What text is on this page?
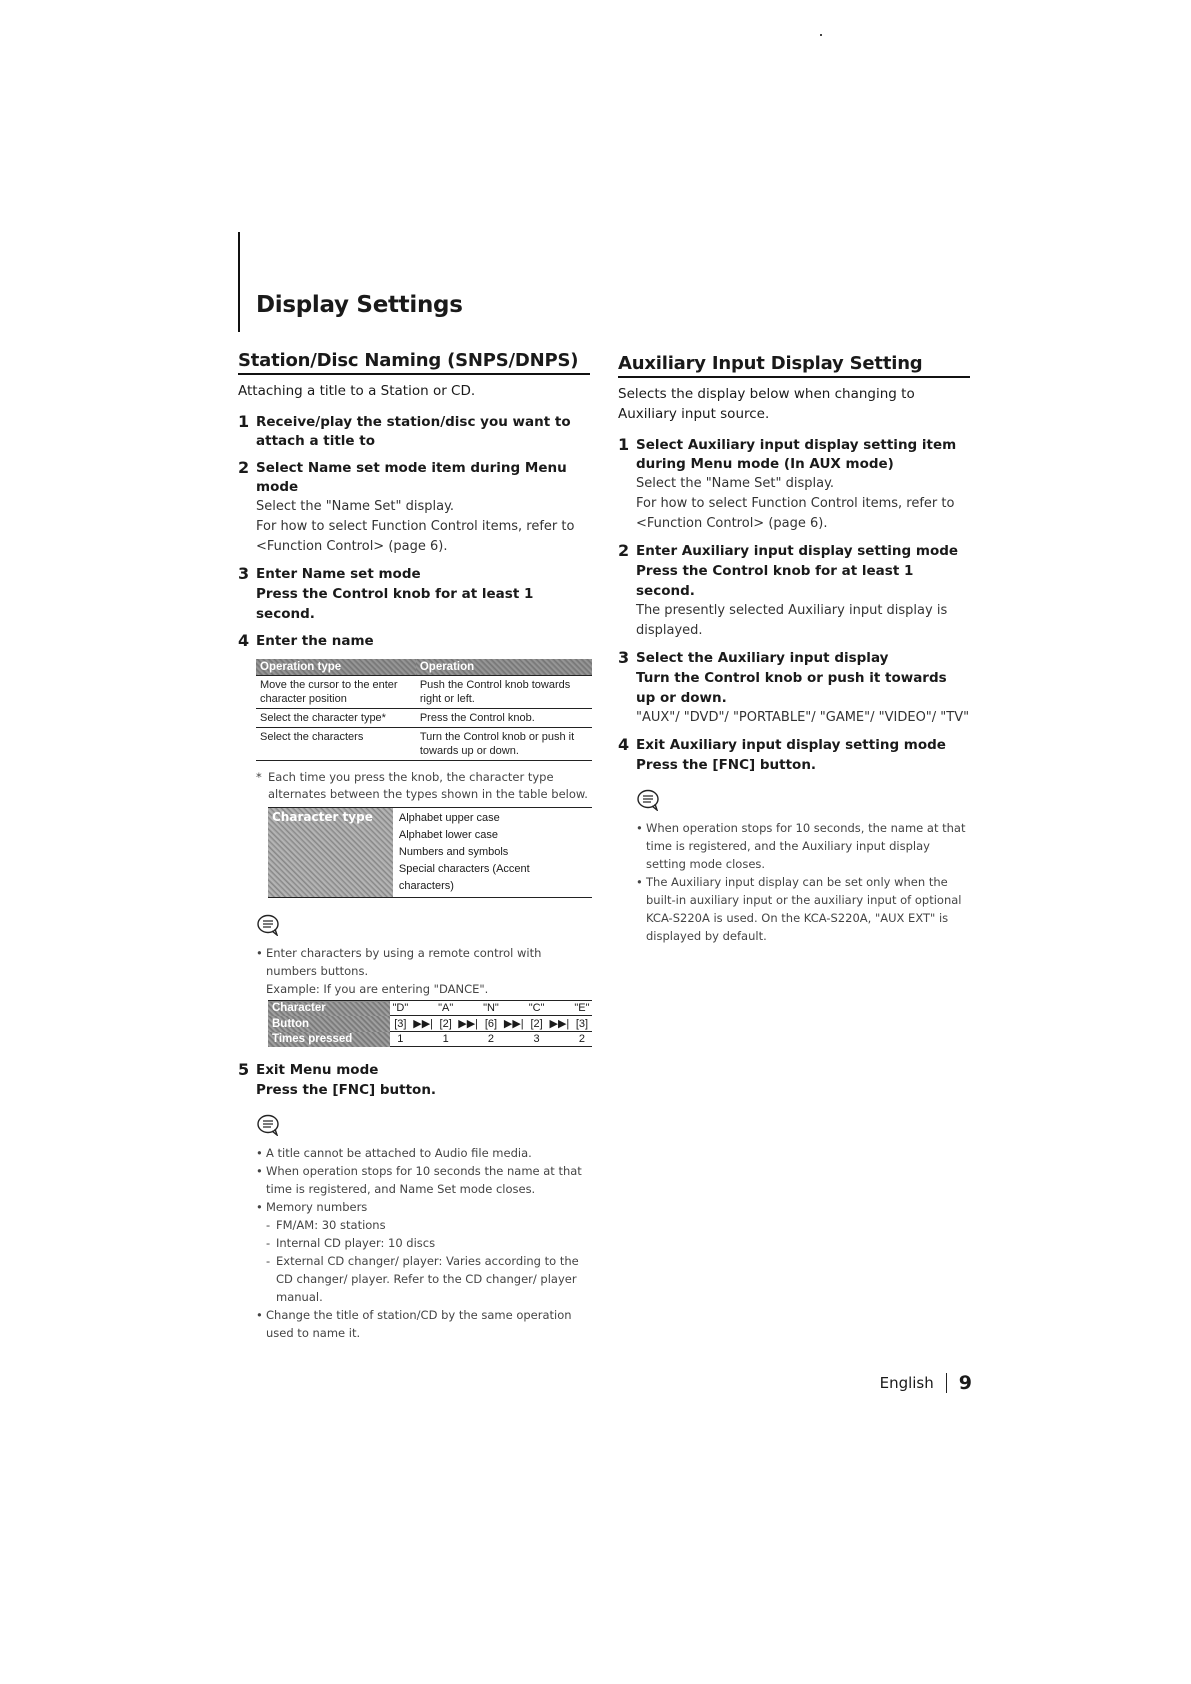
Display Settings
Station/Disc Naming (SNPS/DNPS)

Attaching a title to a Station or CD.

1 Receive/play the station/disc you want to attach a title to
2 Select Name set mode item during Menu mode
Select the "Name Set" display.
For how to select Function Control items, refer to <Function Control> (page 6).
3 Enter Name set mode
Press the Control knob for at least 1 second.
4 Enter the name
Operation type	Operation
Move the cursor to the enter character position	Push the Control knob towards right or left.
Select the character type*	Press the Control knob.
Select the characters	Turn the Control knob or push it towards up or down.
* Each time you press the knob, the character type alternates between the types shown in the table below.
Character type	Alphabet upper case
Alphabet lower case
Numbers and symbols
Special characters (Accent characters)
• Enter characters by using a remote control with numbers buttons.
Example: If you are entering "DANCE".
Character	"D"		"A"		"N"		"C"		"E"
Button	[3]	▶▶|	[2]	▶▶|	[6]	▶▶|	[2]	▶▶|	[3]
Times pressed	1		1		2		3		2
5 Exit Menu mode
Press the [FNC] button.
• A title cannot be attached to Audio file media.
• When operation stops for 10 seconds the name at that time is registered, and Name Set mode closes.
• Memory numbers
- FM/AM: 30 stations
- Internal CD player: 10 discs
- External CD changer/ player: Varies according to the CD changer/ player. Refer to the CD changer/ player manual.
• Change the title of station/CD by the same operation used to name it.
Auxiliary Input Display Setting

Selects the display below when changing to Auxiliary input source.

1 Select Auxiliary input display setting item during Menu mode (In AUX mode)
Select the "Name Set" display.
For how to select Function Control items, refer to <Function Control> (page 6).
2 Enter Auxiliary input display setting mode
Press the Control knob for at least 1 second.
The presently selected Auxiliary input display is displayed.
3 Select the Auxiliary input display
Turn the Control knob or push it towards up or down.
"AUX"/ "DVD"/ "PORTABLE"/ "GAME"/ "VIDEO"/ "TV"
4 Exit Auxiliary input display setting mode
Press the [FNC] button.
• When operation stops for 10 seconds, the name at that time is registered, and the Auxiliary input display setting mode closes.
• The Auxiliary input display can be set only when the built-in auxiliary input or the auxiliary input of optional KCA-S220A is used. On the KCA-S220A, "AUX EXT" is displayed by default.
English 9
